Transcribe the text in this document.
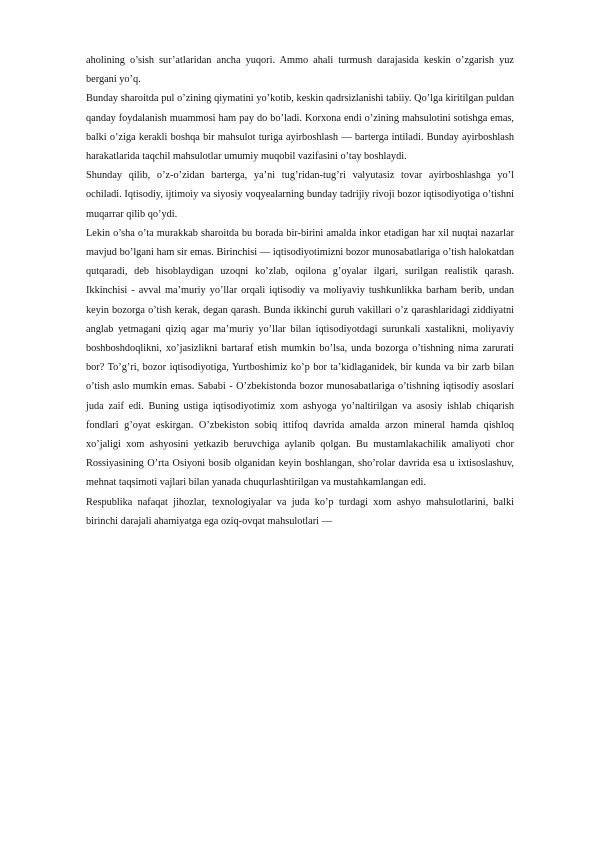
aholining o’sish sur’atlaridan ancha yuqori. Ammo ahali turmush darajasida keskin o’zgarish yuz bergani yo’q.

Bunday sharoitda pul o’zining qiymatini yo’kotib, keskin qadrsizlanishi tabiiy. Qo’lga kiritilgan puldan qanday foydalanish muammosi ham pay do bo’ladi. Korxona endi o’zining mahsulotini sotishga emas, balki o’ziga kerakli boshqa bir mahsulot turiga ayirboshlash — barterga intiladi. Bunday ayirboshlash harakatlarida taqchil mahsulotlar umumiy muqobil vazifasini o’tay boshlaydi.

Shunday qilib, o’z-o’zidan barterga, ya’ni tug’ridan-tug’ri valyutasiz tovar ayirboshlashga yo’l ochiladi. Iqtisodiy, ijtimoiy va siyosiy voqyealarning bunday tadrijiy rivoji bozor iqtisodiyotiga o’tishni muqarrar qilib qo’ydi.

Lekin o’sha o’ta murakkab sharoitda bu borada bir-birini amalda inkor etadigan har xil nuqtai nazarlar mavjud bo’lgani ham sir emas. Birinchisi — iqtisodiyotimizni bozor munosabatlariga o’tish halokatdan qutqaradi, deb hisoblaydigan uzoqni ko’zlab, oqilona g’oyalar ilgari, surilgan realistik qarash. Ikkinchisi - avval ma’muriy yo’llar orqali iqtisodiy va moliyaviy tushkunlikka barham berib, undan keyin bozorga o’tish kerak, degan qarash. Bunda ikkinchi guruh vakillari o’z qarashlaridagi ziddiyatni anglab yetmagani qiziq agar ma’muriy yo’llar bilan iqtisodiyotdagi surunkali xastalikni, moliyaviy boshboshdoqlikni, xo’jasizlikni bartaraf etish mumkin bo’lsa, unda bozorga o’tishning nima zarurati bor? To’g’ri, bozor iqtisodiyotiga, Yurtboshimiz ko’p bor ta’kidlaganidek, bir kunda va bir zarb bilan o’tish aslo mumkin emas. Sababi - O’zbekistonda bozor munosabatlariga o’tishning iqtisodiy asoslari juda zaif edi. Buning ustiga iqtisodiyotimiz xom ashyoga yo’naltirilgan va asosiy ishlab chiqarish fondlari g’oyat eskirgan. O’zbekiston sobiq ittifoq davrida amalda arzon mineral hamda qishloq xo’jaligi xom ashyosini yetkazib beruvchiga aylanib qolgan. Bu mustamlakachilik amaliyoti chor Rossiyasining O’rta Osiyoni bosib olganidan keyin boshlangan, sho’rolar davrida esa u ixtisoslashuv, mehnat taqsimoti vajlari bilan yanada chuqurlashtirilgan va mustahkamlangan edi.

Respublika nafaqat jihozlar, texnologiyalar va juda ko’p turdagi xom ashyo mahsulotlarini, balki birinchi darajali ahamiyatga ega oziq-ovqat mahsulotlari —
